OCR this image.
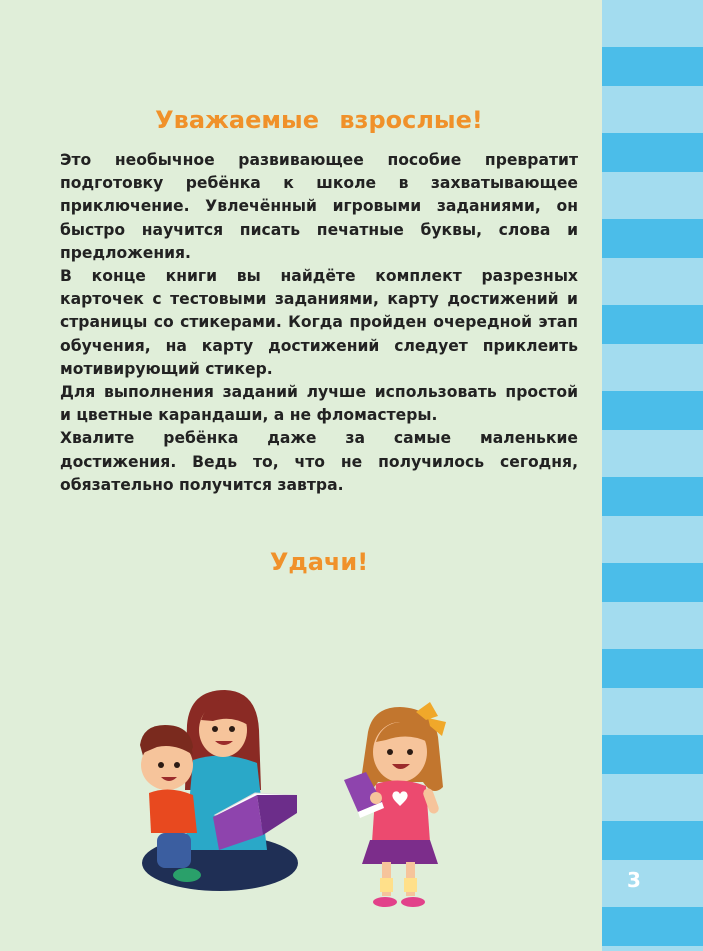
3
Уважаемые взрослые!

Это необычное развивающее пособие превратит подготовку ребёнка к школе в захватывающее приключение. Увлечённый игровыми заданиями, он быстро научится писать печатные буквы, слова и предложения.

В конце книги вы найдёте комплект разрезных карточек с тестовыми заданиями, карту достижений и страницы со стикерами. Когда пройден очередной этап обучения, на карту достижений следует приклеить мотивирующий стикер.

Для выполнения заданий лучше использовать простой и цветные карандаши, а не фломастеры.

Хвалите ребёнка даже за самые маленькие достижения. Ведь то, что не получилось сегодня, обязательно получится завтра.

Удачи!
